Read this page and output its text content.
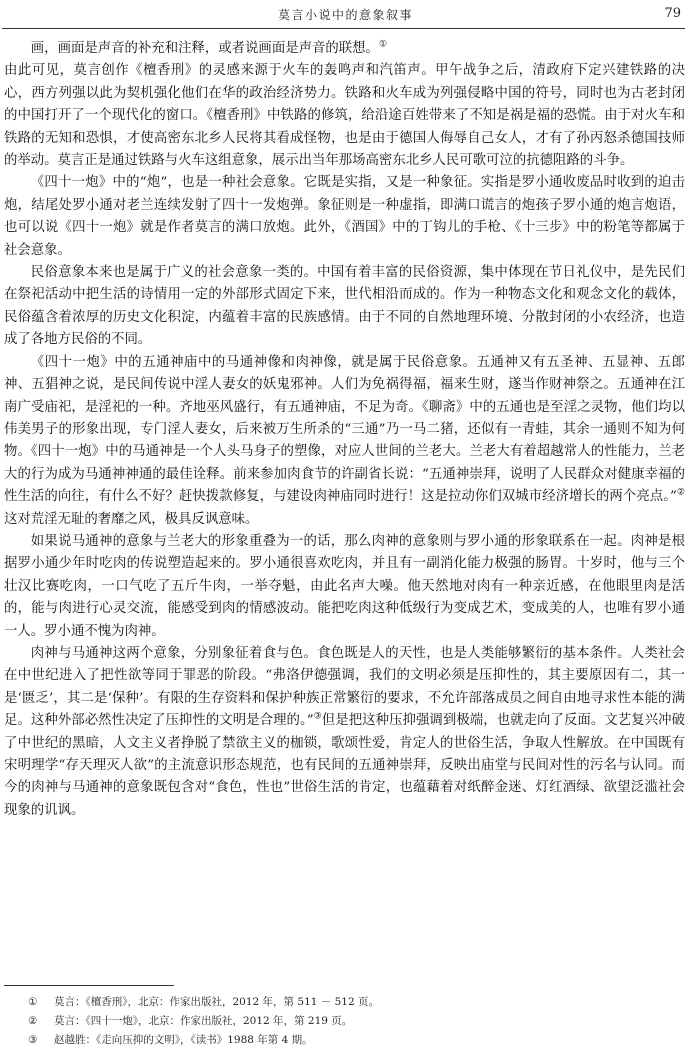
莫言小说中的意象叙事	79

画，画面是声音的补充和注释，或者说画面是声音的联想。①

由此可见，莫言创作《檀香刑》的灵感来源于火车的轰鸣声和汽笛声。甲午战争之后，清政府下定兴建铁路的决心，西方列强以此为契机强化他们在华的政治经济势力。铁路和火车成为列强侵略中国的符号，同时也为古老封闭的中国打开了一个现代化的窗口。《檀香刑》中铁路的修筑，给沿途百姓带来了不知是祸是福的恐慌。由于对火车和铁路的无知和恐惧，才使高密东北乡人民将其看成怪物，也是由于德国人侮辱自己女人，才有了孙丙怒杀德国技师的举动。莫言正是通过铁路与火车这组意象，展示出当年那场高密东北乡人民可歌可泣的抗德阻路的斗争。

《四十一炮》中的“炮”，也是一种社会意象。它既是实指，又是一种象征。实指是罗小通收废品时收到的迫击炮，结尾处罗小通对老兰连续发射了四十一发炮弹。象征则是一种虚指，即满口谎言的炮孩子罗小通的炮言炮语，也可以说《四十一炮》就是作者莫言的满口放炮。此外，《酒国》中的丁钩儿的手枪、《十三步》中的粉笔等都属于社会意象。

民俗意象本来也是属于广义的社会意象一类的。中国有着丰富的民俗资源，集中体现在节日礼仪中，是先民们在祭祀活动中把生活的诗情用一定的外部形式固定下来，世代相沿而成的。作为一种物态文化和观念文化的载体，民俗蕴含着浓厚的历史文化积淀，内蕴着丰富的民族感情。由于不同的自然地理环境、分散封闭的小农经济，也造成了各地方民俗的不同。

《四十一炮》中的五通神庙中的马通神像和肉神像，就是属于民俗意象。五通神又有五圣神、五显神、五郎神、五猖神之说，是民间传说中淫人妻女的妖鬼邪神。人们为免祸得福，福来生财，遂当作财神祭之。五通神在江南广受庙祀，是淫祀的一种。齐地巫风盛行，有五通神庙，不足为奇。《聊斋》中的五通也是至淫之灵物，他们均以伟美男子的形象出现，专门淫人妻女，后来被万生所杀的“三通”乃一马二猪，还似有一青蛙，其余一通则不知为何物。《四十一炮》中的马通神是一个人头马身子的塑像，对应人世间的兰老大。兰老大有着超越常人的性能力，兰老大的行为成为马通神神通的最佳诠释。前来参加肉食节的许副省长说：“五通神崇拜，说明了人民群众对健康幸福的性生活的向往，有什么不好？赶快拨款修复，与建设肉神庙同时进行！这是拉动你们双城市经济增长的两个亮点。”②这对荒淫无耻的奢靡之风，极具反讽意味。

如果说马通神的意象与兰老大的形象重叠为一的话，那么肉神的意象则与罗小通的形象联系在一起。肉神是根据罗小通少年时吃肉的传说塑造起来的。罗小通很喜欢吃肉，并且有一副消化能力极强的肠胃。十岁时，他与三个壮汉比赛吃肉，一口气吃了五斤牛肉，一举夺魁，由此名声大噪。他天然地对肉有一种亲近感，在他眼里肉是活的，能与肉进行心灵交流，能感受到肉的情感波动。能把吃肉这种低级行为变成艺术，变成美的人，也唯有罗小通一人。罗小通不愧为肉神。

肉神与马通神这两个意象，分别象征着食与色。食色既是人的天性，也是人类能够繁衍的基本条件。人类社会在中世纪进入了把性欲等同于罪恶的阶段。“弗洛伊德强调，我们的文明必须是压抑性的，其主要原因有二，其一是‘匮乏’，其二是‘保种’。有限的生存资料和保护种族正常繁衍的要求，不允许部落成员之间自由地寻求性本能的满足。这种外部必然性决定了压抑性的文明是合理的。”③但是把这种压抑强调到极端，也就走向了反面。文艺复兴冲破了中世纪的黑暗，人文主义者挣脱了禁欲主义的枷锁，歌颂性爱，肯定人的世俗生活，争取人性解放。在中国既有宋明理学“存天理灭人欲”的主流意识形态规范，也有民间的五通神崇拜，反映出庙堂与民间对性的污名与认同。而今的肉神与马通神的意象既包含对“食色，性也”世俗生活的肯定，也蕴藉着对纸醉金迷、灯红酒绿、欲望泛滥社会现象的讥讽。

①	莫言：《檀香刑》，北京：作家出版社，2012 年，第 511 － 512 页。
②	莫言：《四十一炮》，北京：作家出版社，2012 年，第 219 页。
③	赵越胜：《走向压抑的文明》，《读书》1988 年第 4 期。
